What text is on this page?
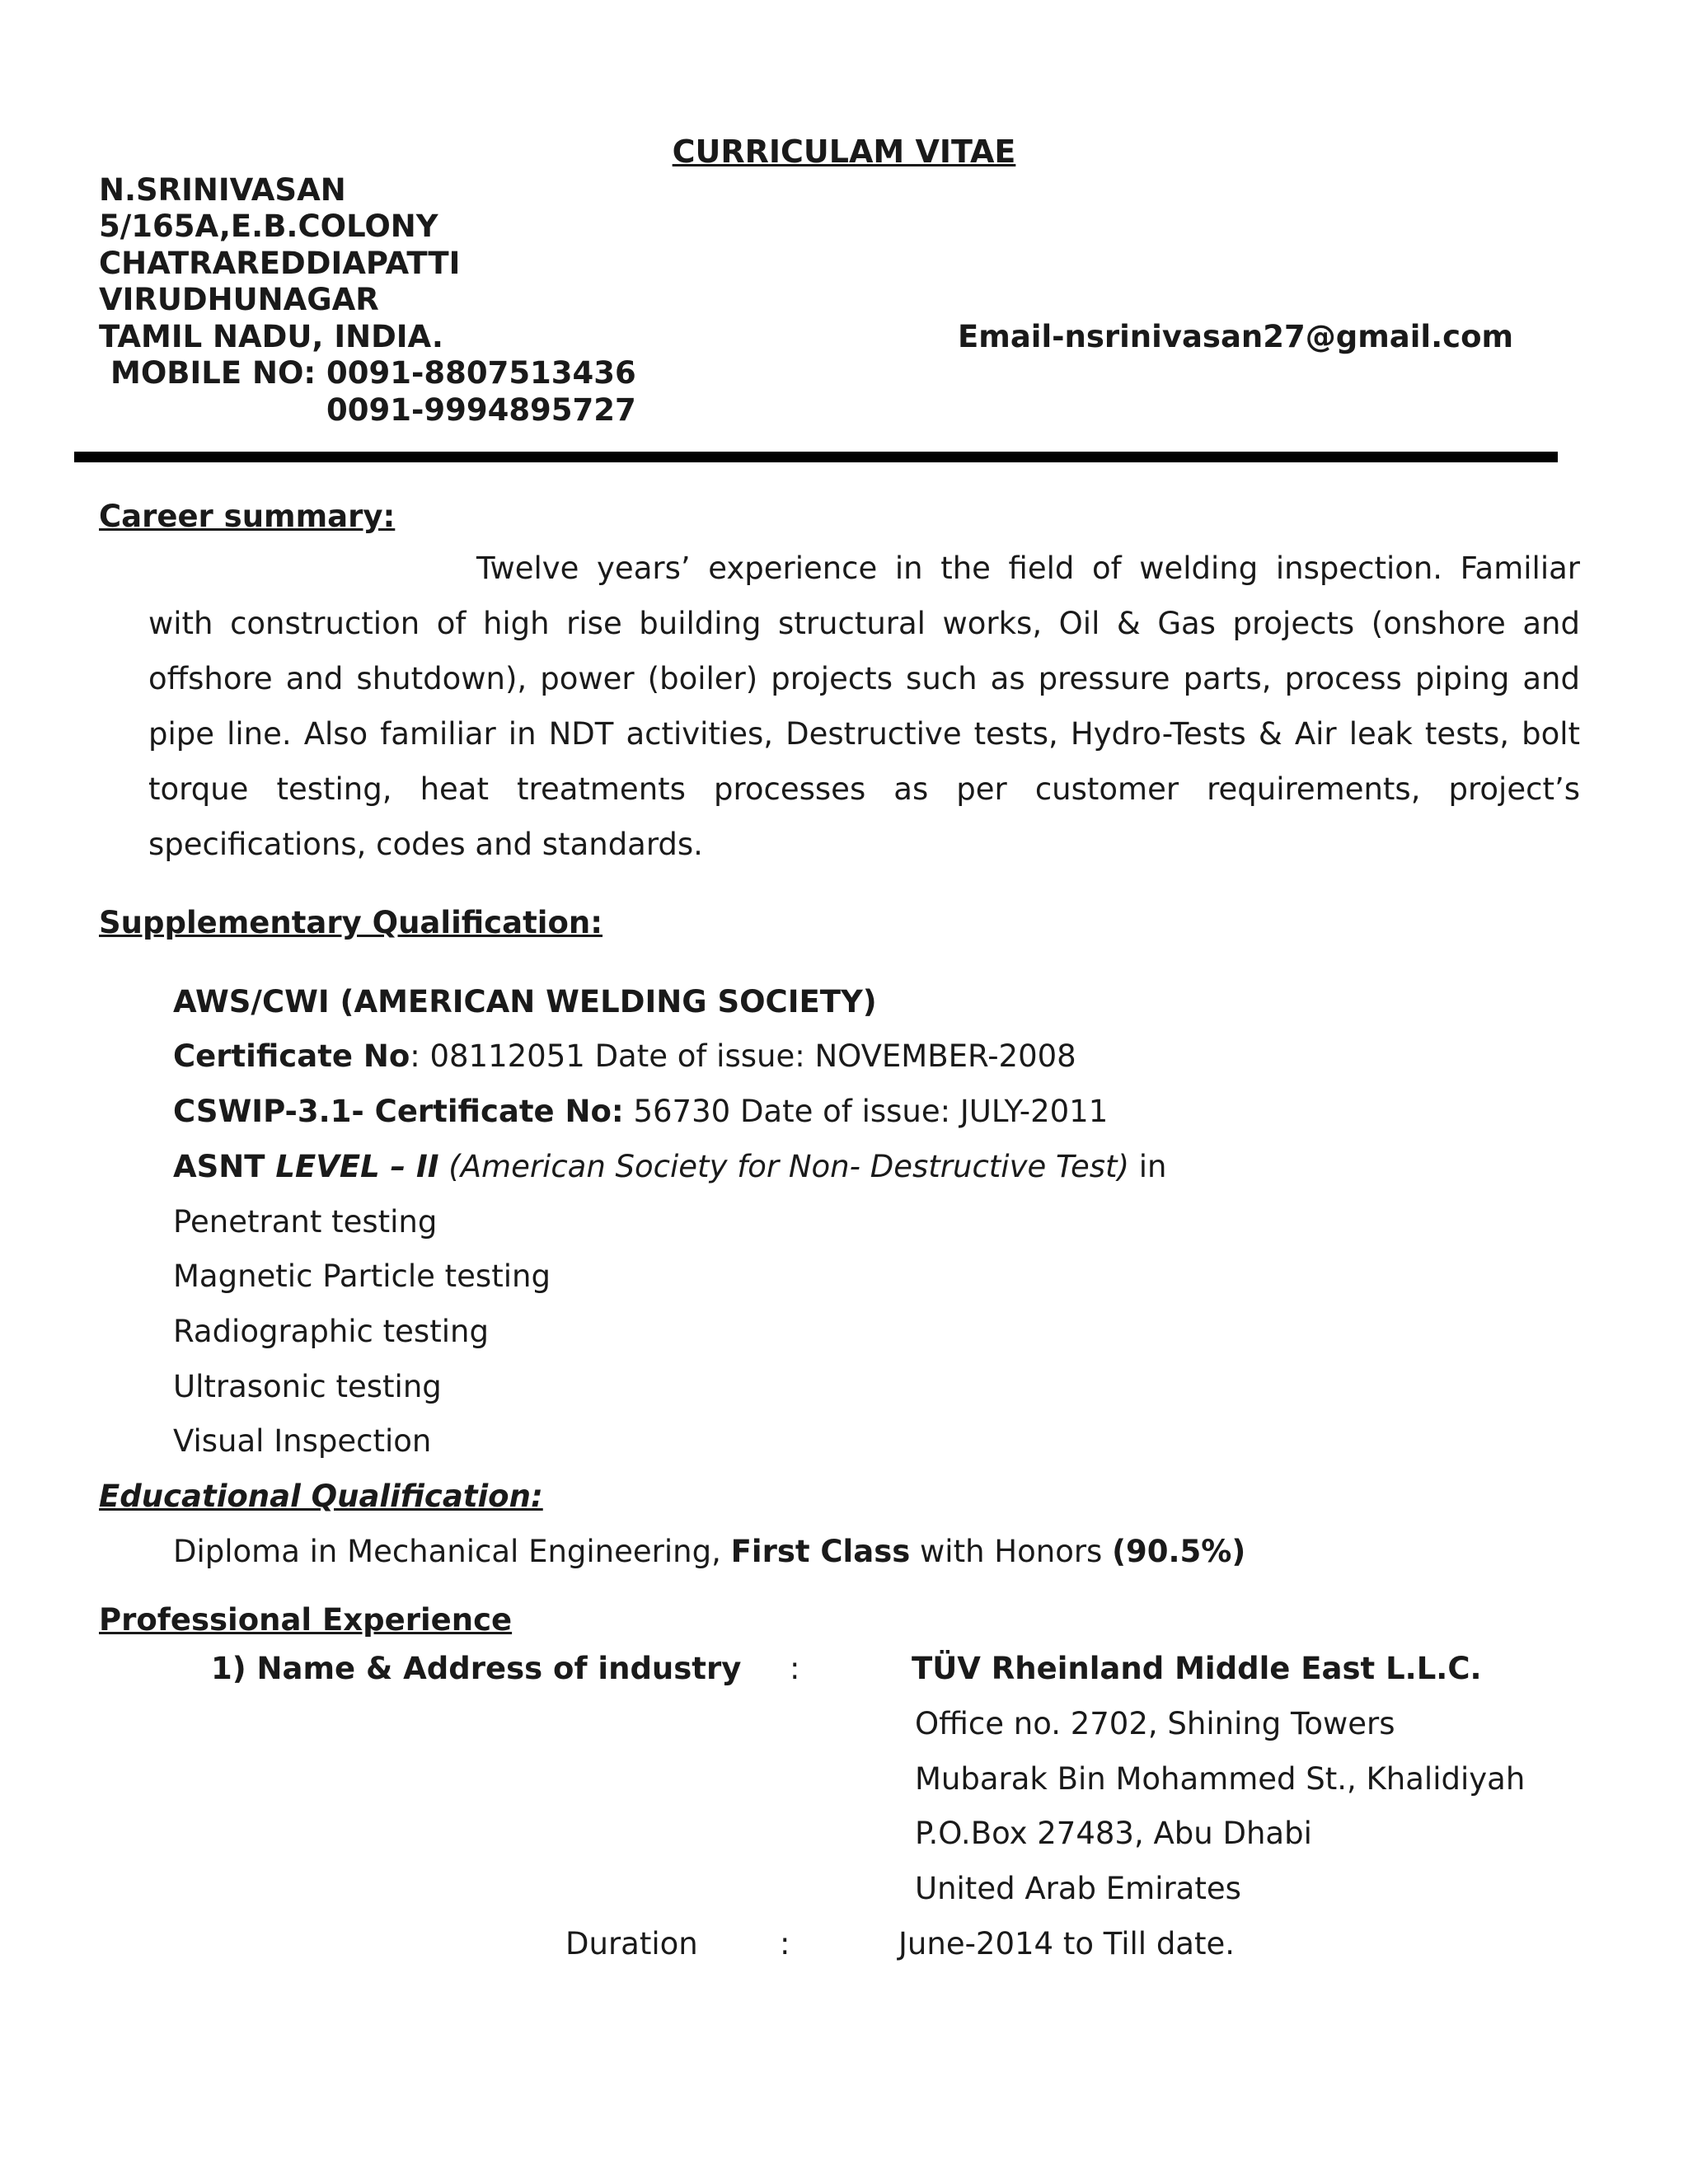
CURRICULAM VITAE
N.SRINIVASAN
5/165A,E.B.COLONY
CHATRAREDDIAPATTI
VIRUDHUNAGAR
TAMIL NADU, INDIA.	Email-nsrinivasan27@gmail.com
MOBILE NO: 0091-8807513436
0091-9994895727
Career summary:
Twelve years’ experience in the field of welding inspection. Familiar with construction of high rise building structural works, Oil & Gas projects (onshore and offshore and shutdown), power (boiler) projects such as pressure parts, process piping and pipe line. Also familiar in NDT activities, Destructive tests, Hydro-Tests & Air leak tests, bolt torque testing, heat treatments processes as per customer requirements, project’s specifications, codes and standards.
Supplementary Qualification:
AWS/CWI (AMERICAN WELDING SOCIETY)
Certificate No: 08112051 Date of issue: NOVEMBER-2008
CSWIP-3.1- Certificate No: 56730 Date of issue: JULY-2011
ASNT LEVEL – II (American Society for Non- Destructive Test) in
Penetrant testing
Magnetic Particle testing
Radiographic testing
Ultrasonic testing
Visual Inspection
Educational Qualification:
Diploma in Mechanical Engineering, First Class with Honors (90.5%)
Professional Experience
1) Name & Address of industry :	TÜV Rheinland Middle East L.L.C.
Office no. 2702, Shining Towers
Mubarak Bin Mohammed St., Khalidiyah
P.O.Box 27483, Abu Dhabi
United Arab Emirates
Duration	:	June-2014 to Till date.
